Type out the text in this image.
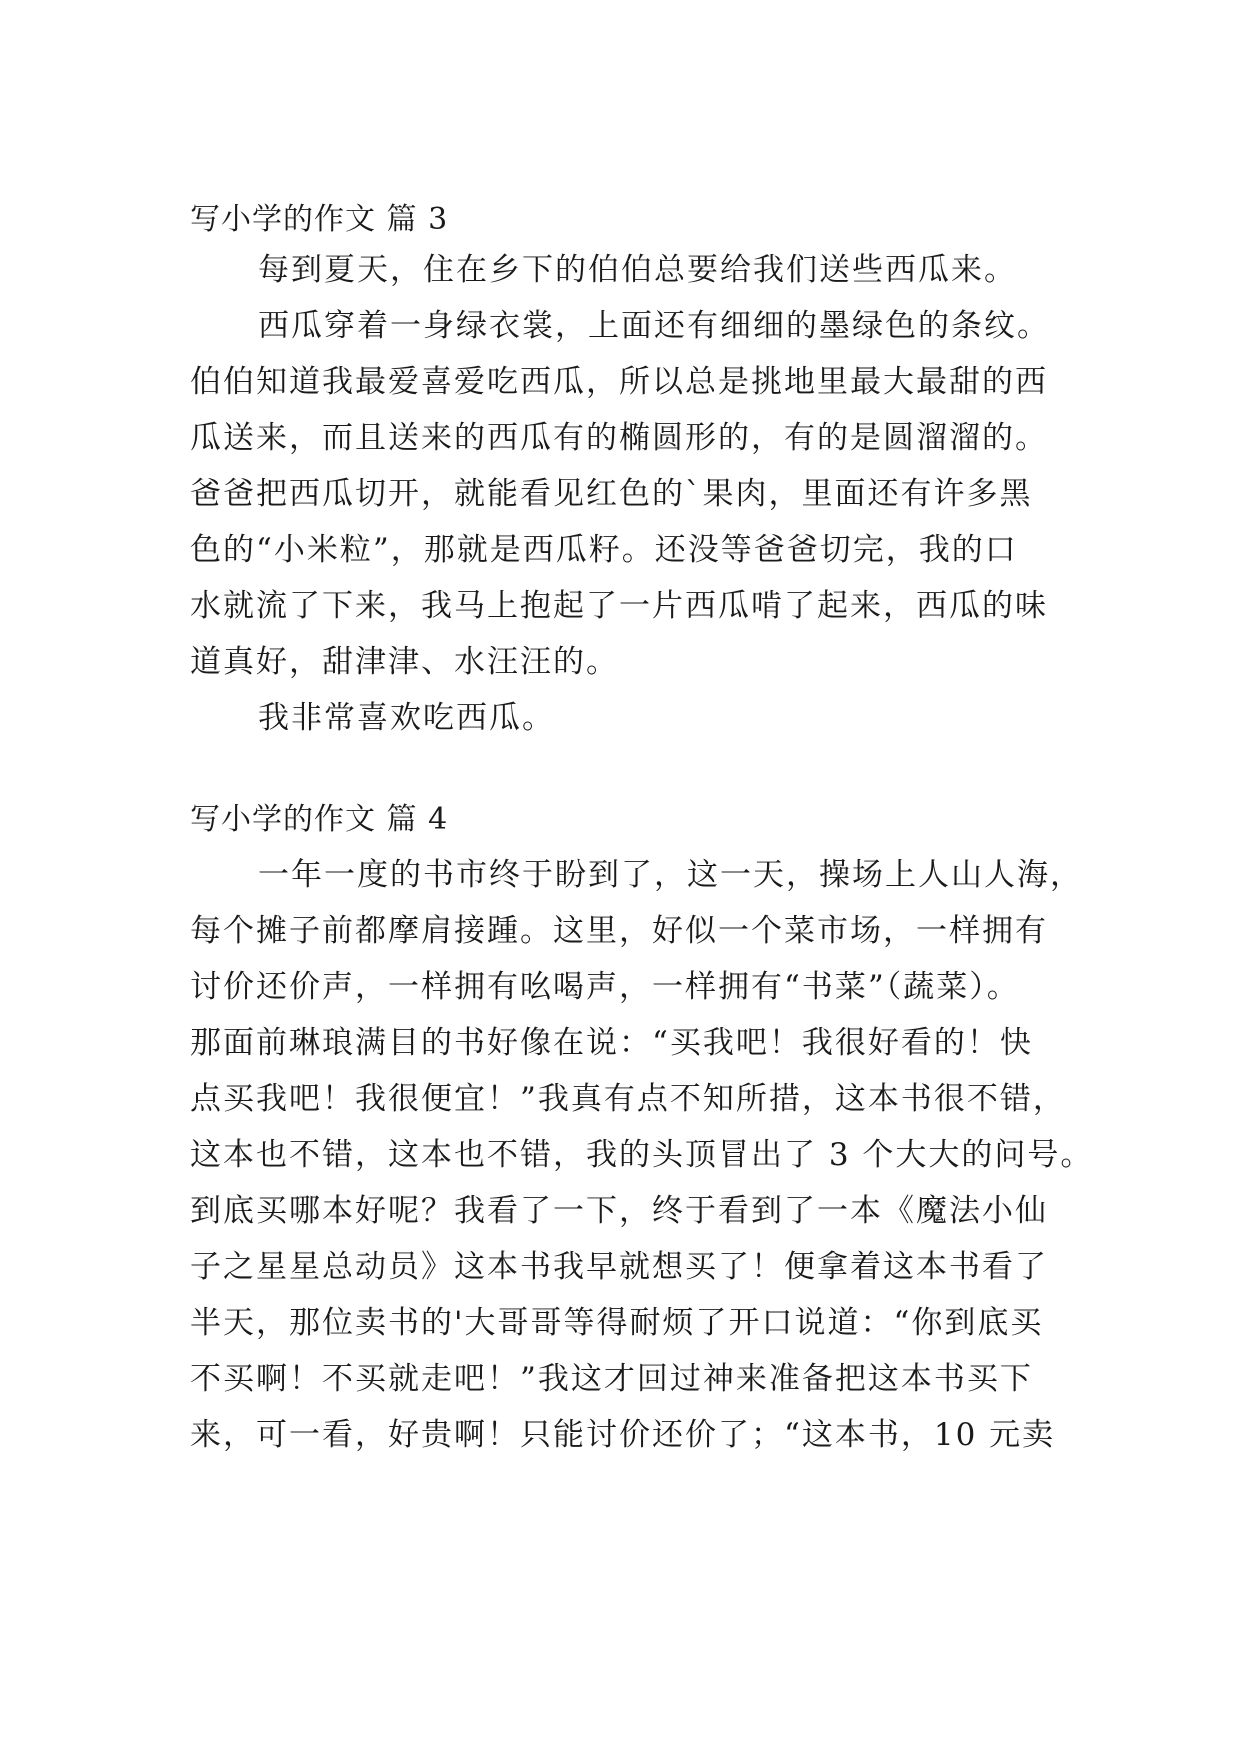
写小学的作文 篇 3
每到夏天，住在乡下的伯伯总要给我们送些西瓜来。
西瓜穿着一身绿衣裳，上面还有细细的墨绿色的条纹。
伯伯知道我最爱喜爱吃西瓜，所以总是挑地里最大最甜的西
瓜送来，而且送来的西瓜有的椭圆形的，有的是圆溜溜的。
爸爸把西瓜切开，就能看见红色的`果肉，里面还有许多黑
色的“小米粒”，那就是西瓜籽。还没等爸爸切完，我的口
水就流了下来，我马上抱起了一片西瓜啃了起来，西瓜的味
道真好，甜津津、水汪汪的。
我非常喜欢吃西瓜。
写小学的作文 篇 4
一年一度的书市终于盼到了，这一天，操场上人山人海，
每个摊子前都摩肩接踵。这里，好似一个菜市场，一样拥有
讨价还价声，一样拥有吆喝声，一样拥有“书菜”（蔬菜）。
那面前琳琅满目的书好像在说：“买我吧！我很好看的！快
点买我吧！我很便宜！”我真有点不知所措，这本书很不错，
这本也不错，这本也不错，我的头顶冒出了 3 个大大的问号。
到底买哪本好呢？我看了一下，终于看到了一本《魔法小仙
子之星星总动员》这本书我早就想买了！便拿着这本书看了
半天，那位卖书的'大哥哥等得耐烦了开口说道：“你到底买
不买啊！不买就走吧！”我这才回过神来准备把这本书买下
来，可一看，好贵啊！只能讨价还价了；“这本书，10 元卖
